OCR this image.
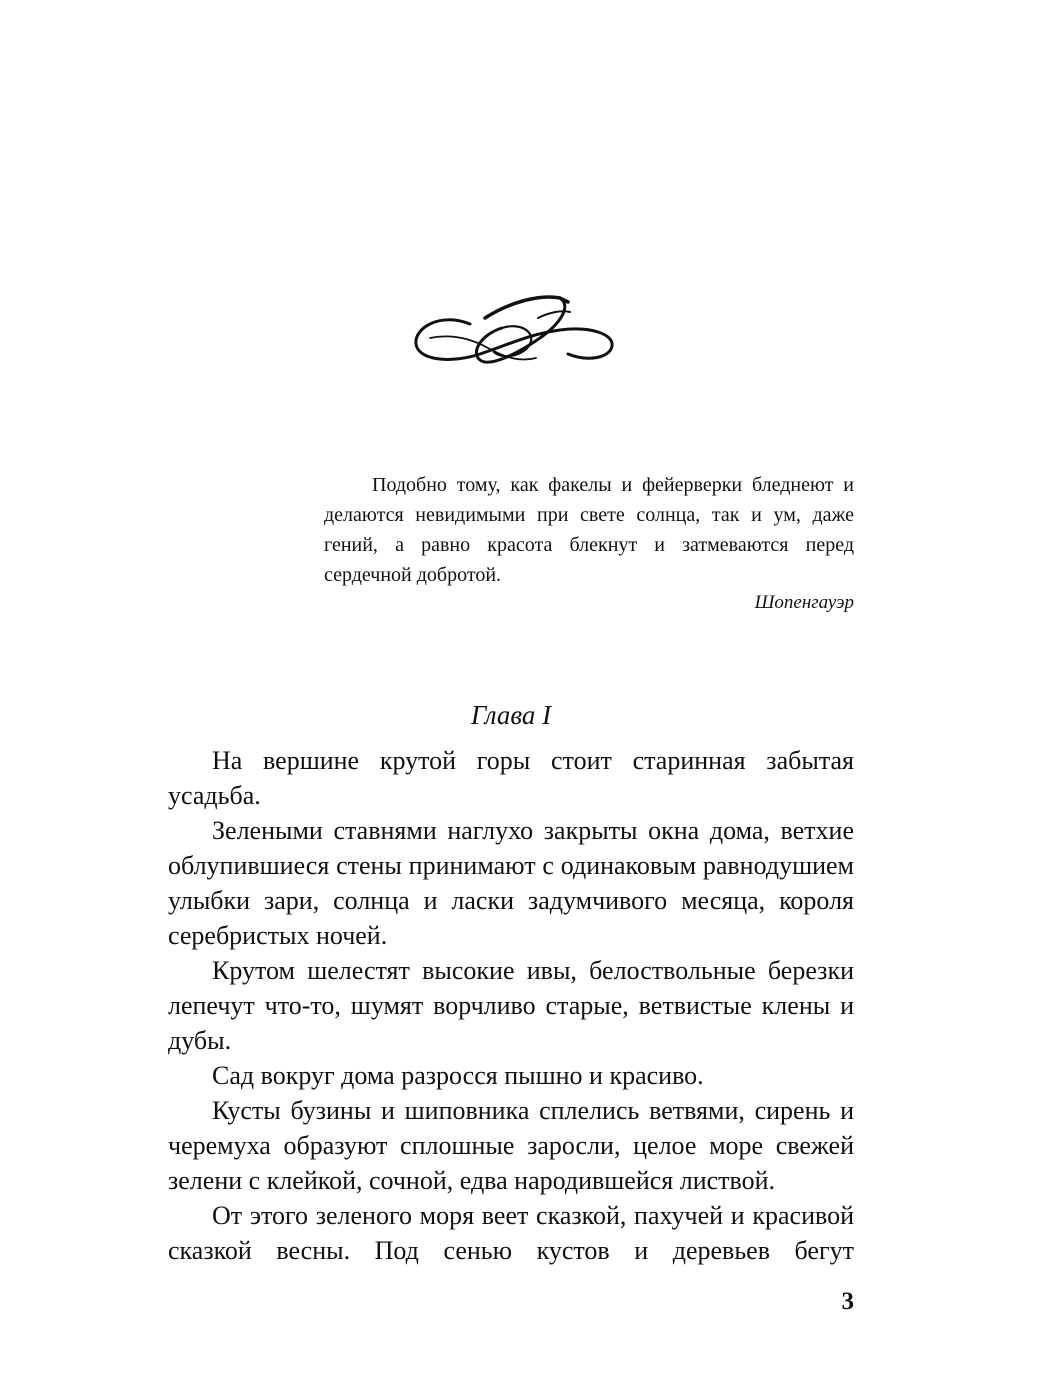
Подобно тому, как факелы и фейерверки бледнеют и делаются невидимыми при свете солнца, так и ум, даже гений, а равно красота блекнут и затмеваются перед сердечной добротой.

Шопенгауэр

Глава I

На вершине крутой горы стоит старинная забытая усадьба.

Зелеными ставнями наглухо закрыты окна дома, ветхие облупившиеся стены принимают с одинаковым равнодушием улыбки зари, солнца и ласки задумчивого месяца, короля серебристых ночей.

Крутом шелестят высокие ивы, белоствольные березки лепечут что-то, шумят ворчливо старые, ветвистые клены и дубы.

Сад вокруг дома разросся пышно и красиво.

Кусты бузины и шиповника сплелись ветвями, сирень и черемуха образуют сплошные заросли, целое море свежей зелени с клейкой, сочной, едва народившейся листвой.

От этого зеленого моря веет сказкой, пахучей и красивой сказкой весны. Под сенью кустов и деревьев бегут

3
